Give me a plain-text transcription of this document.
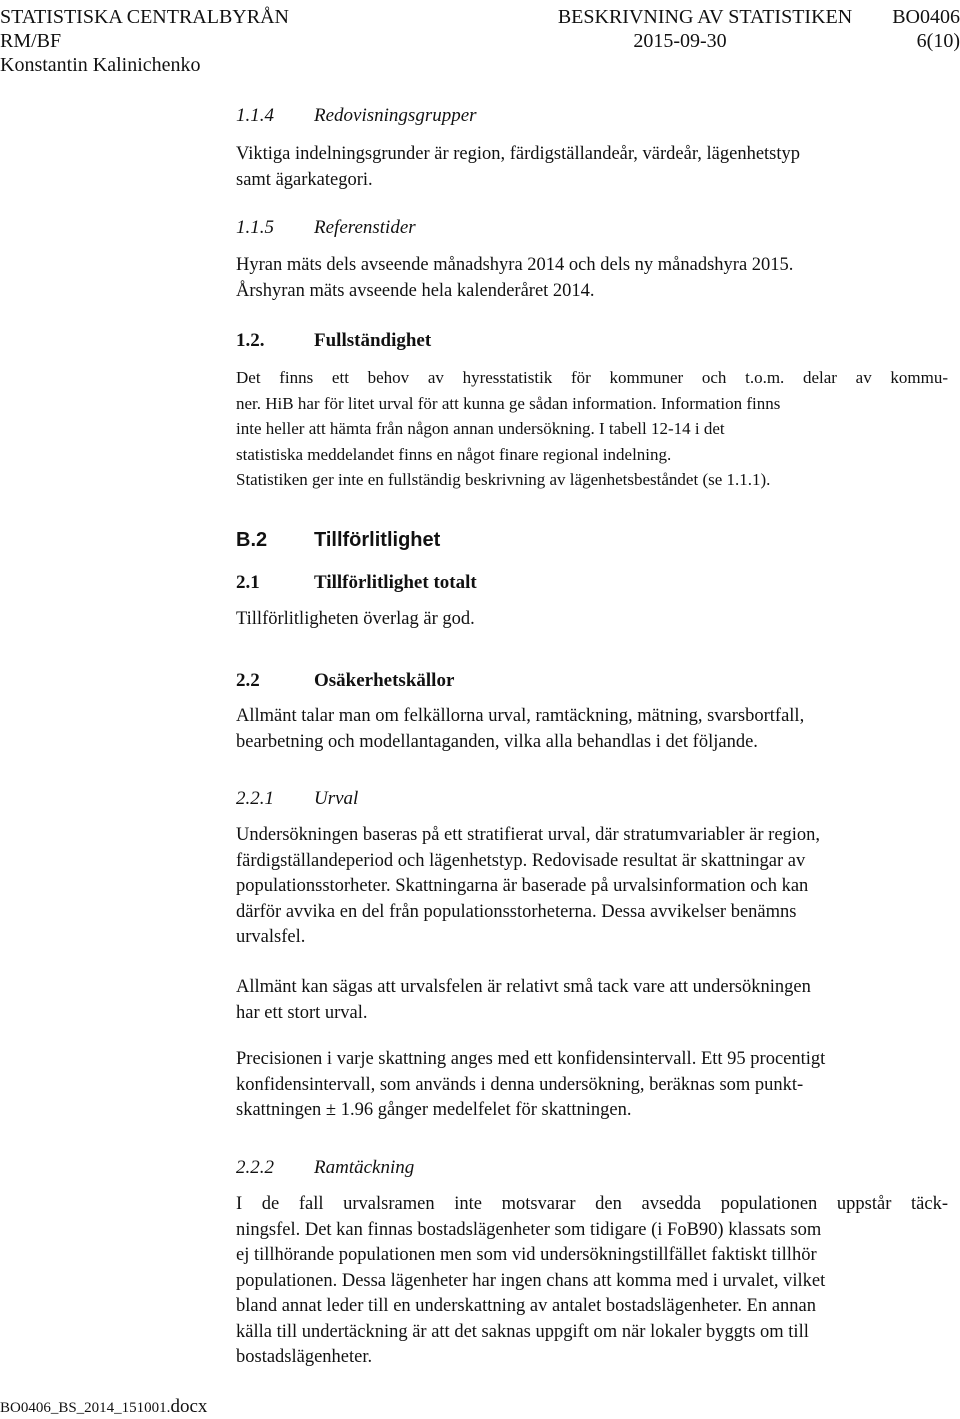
STATISTISKA CENTRALBYRÅN
RM/BF
Konstantin Kalinichenko
BESKRIVNING AV STATISTIKEN BO0406
2015-09-30	6(10)
1.1.4 Redovisningsgrupper
Viktiga indelningsgrunder är region, färdigställandeår, värdeår, lägenhetstyp
samt ägarkategori.
1.1.5 Referenstider
Hyran mäts dels avseende månadshyra 2014 och dels ny månadshyra 2015.
Årshyran mäts avseende hela kalenderåret 2014.
1.2.	Fullständighet
Det finns ett behov av hyresstatistik för kommuner och t.o.m. delar av kommu-
ner. HiB har för litet urval för att kunna ge sådan information. Information finns
inte heller att hämta från någon annan undersökning. I tabell 12-14 i det
statistiska meddelandet finns en något finare regional indelning.
Statistiken ger inte en fullständig beskrivning av lägenhetsbeståndet (se 1.1.1).
B.2 Tillförlitlighet
2.1	Tillförlitlighet totalt
Tillförlitligheten överlag är god.
2.2	Osäkerhetskällor
Allmänt talar man om felkällorna urval, ramtäckning, mätning, svarsbortfall,
bearbetning och modellantaganden, vilka alla behandlas i det följande.
2.2.1 Urval
Undersökningen baseras på ett stratifierat urval, där stratumvariabler är region,
färdigställandeperiod och lägenhetstyp. Redovisade resultat är skattningar av
populationsstorheter. Skattningarna är baserade på urvalsinformation och kan
därför avvika en del från populationsstorheterna. Dessa avvikelser benämns
urvalsfel.
Allmänt kan sägas att urvalsfelen är relativt små tack vare att undersökningen
har ett stort urval.
Precisionen i varje skattning anges med ett konfidensintervall. Ett 95 procentigt
konfidensintervall, som används i denna undersökning, beräknas som punkt-
skattningen ± 1.96 gånger medelfelet för skattningen.
2.2.2 Ramtäckning
I de fall urvalsramen inte motsvarar den avsedda populationen uppstår täck-
ningsfel. Det kan finnas bostadslägenheter som tidigare (i FoB90) klassats som
ej tillhörande populationen men som vid undersökningstillfället faktiskt tillhör
populationen. Dessa lägenheter har ingen chans att komma med i urvalet, vilket
bland annat leder till en underskattning av antalet bostadslägenheter. En annan
källa till undertäckning är att det saknas uppgift om när lokaler byggts om till
bostadslägenheter.
BO0406_BS_2014_151001.docx
